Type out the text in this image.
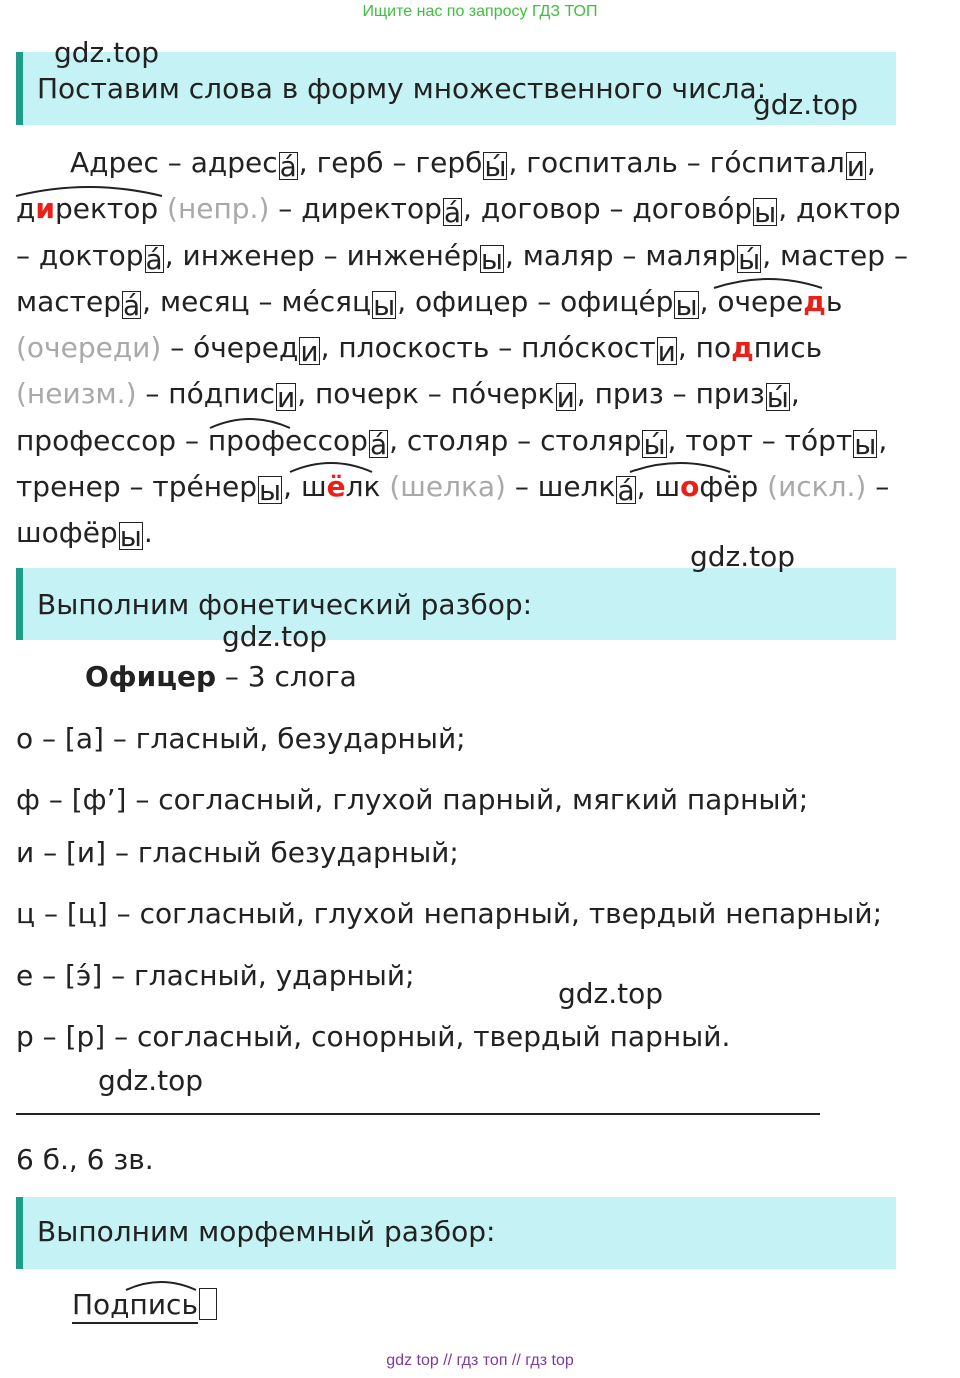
Ищите нас по запросу ГДЗ ТОП
Поставим слова в форму множественного числа:
gdz.top
gdz.top
gdz.top
gdz.top
gdz.top
gdz.top
Адрес – адреса́, герб – гербы́, госпиталь – го́спитали,
директор (непр.) – директора́, договор – догово́ры, доктор – доктора́, инженер – инжене́ры, маляр – маляры́, мастер – мастера́, месяц – ме́сяцы, офицер – офице́ры, очередь
(очереди) – о́череди, плоскость – пло́скости, подпись
(неизм.) – по́дписи, почерк – по́черки, приз – призы́,
профессор – профессора́, столяр – столяры́, торт – то́рты,
тренер – тре́неры, шёлк (шелка) – шелка́, шофёр (искл.) –
шофёры.
Выполним фонетический разбор:
Офицер – 3 слога
о – [а] – гласный, безударный;
ф – [ф’] – согласный, глухой парный, мягкий парный;
и – [и] – гласный безударный;
ц – [ц] – согласный, глухой непарный, твердый непарный;
е – [э́] – гласный, ударный;
р – [р] – согласный, сонорный, твердый парный.
6 б., 6 зв.
Выполним морфемный разбор:
Подпись
gdz top // гдз топ // гдз top
